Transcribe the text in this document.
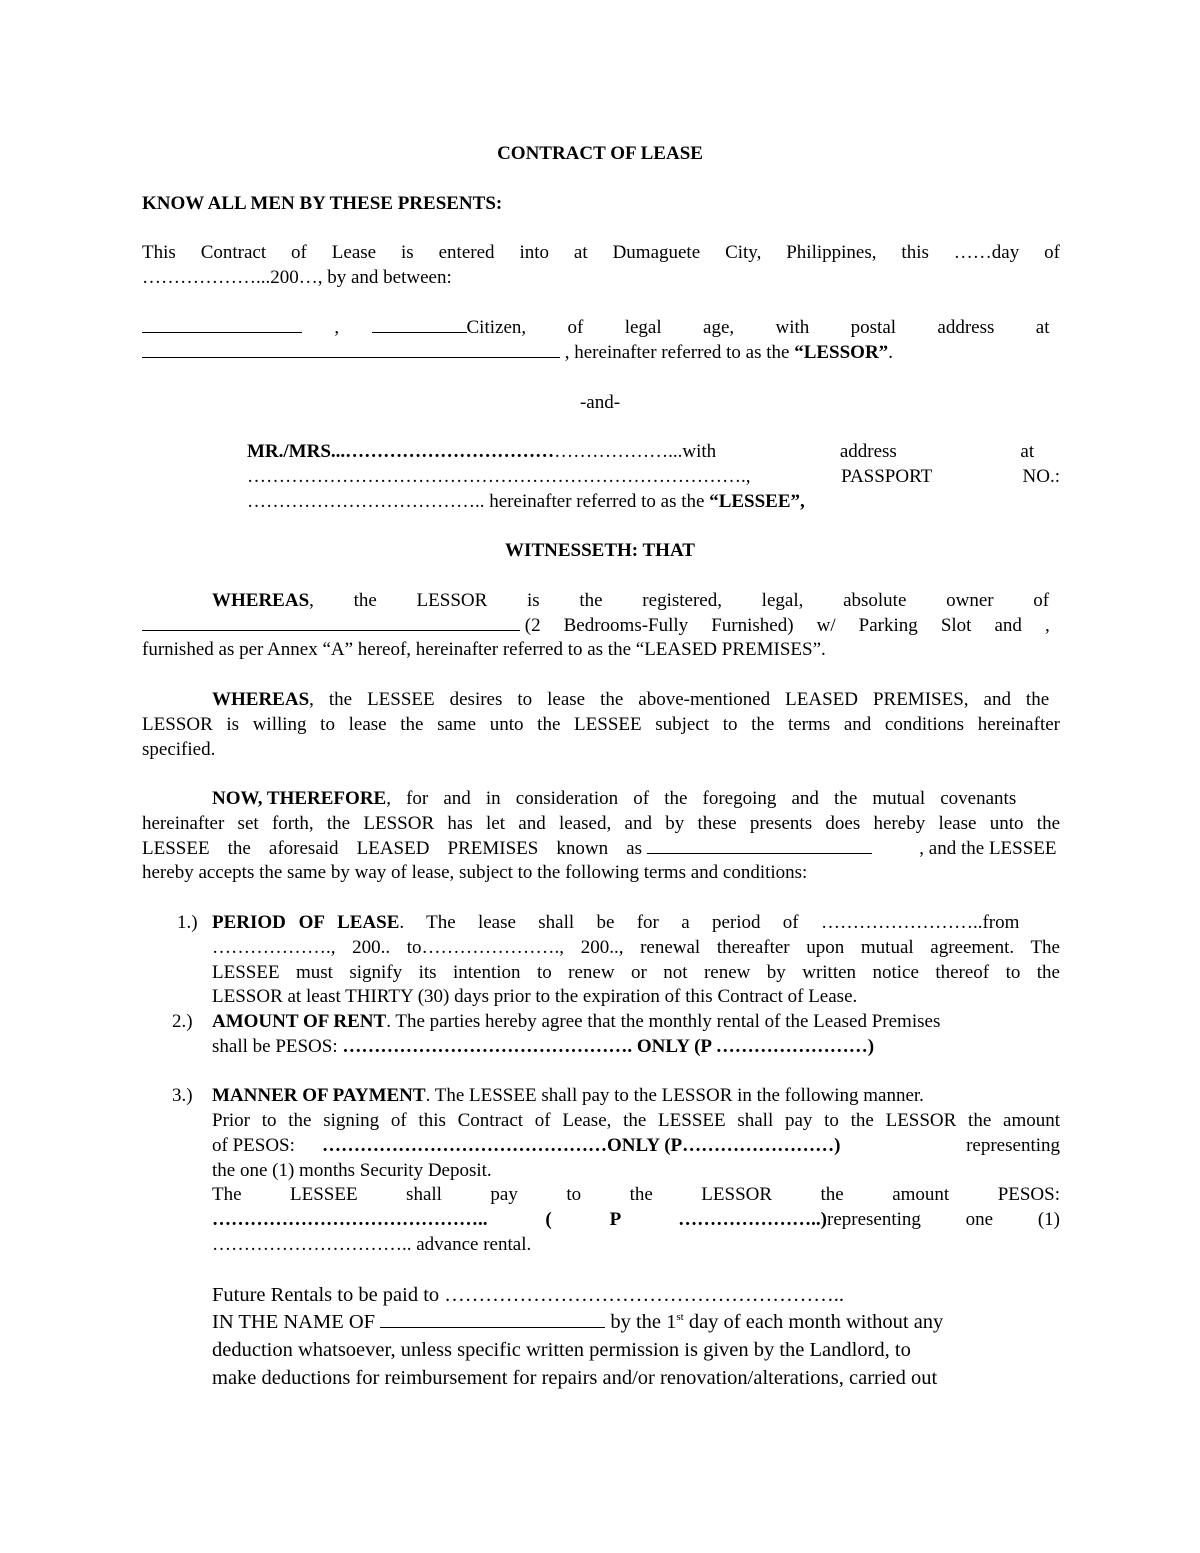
CONTRACT OF LEASE
KNOW ALL MEN BY THESE PRESENTS:
This Contract of Lease is entered into at Dumaguete City, Philippines, this ……day of
………………...200…, by and between:
,	Citizen, of legal age, with postal address at
, hereinafter referred to as the “LESSOR”.
-and-
MR./MRS...……………………………………………...with address at
……………………………………………………………………., PASSPORT NO.:
……………………………….. hereinafter referred to as the “LESSEE”,
WITNESSETH: THAT
WHEREAS, the LESSOR is the registered, legal, absolute owner of
(2 Bedrooms-Fully Furnished) w/ Parking Slot and ,
furnished as per Annex “A” hereof, hereinafter referred to as the “LEASED PREMISES”.
WHEREAS, the LESSEE desires to lease the above-mentioned LEASED PREMISES, and the
LESSOR is willing to lease the same unto the LESSEE subject to the terms and conditions hereinafter
specified.
NOW, THEREFORE, for and in consideration of the foregoing and the mutual covenants
hereinafter set forth, the LESSOR has let and leased, and by these presents does hereby lease unto the
LESSEE the aforesaid LEASED PREMISES known as	, and the LESSEE
hereby accepts the same by way of lease, subject to the following terms and conditions:
1.) PERIOD OF LEASE. The lease shall be for a period of ……………………..from
………………., 200.. to…………………., 200.., renewal thereafter upon mutual agreement. The
LESSEE must signify its intention to renew or not renew by written notice thereof to the
LESSOR at least THIRTY (30) days prior to the expiration of this Contract of Lease.
2.) AMOUNT OF RENT. The parties hereby agree that the monthly rental of the Leased Premises
shall be PESOS: ………………………………………. ONLY (P ……………………)
3.) MANNER OF PAYMENT. The LESSEE shall pay to the LESSOR in the following manner.
Prior to the signing of this Contract of Lease, the LESSEE shall pay to the LESSOR the amount
of PESOS: ………………………………………ONLY (P……………………)	representing
the one (1) months Security Deposit.
The LESSEE shall pay to the LESSOR the amount PESOS:
…………………………………….. ( P …………………..)representing one (1)
………………………….. advance rental.
Future Rentals to be paid to …………………………………………………..
IN THE NAME OF	by the 1st day of each month without any
deduction whatsoever, unless specific written permission is given by the Landlord, to
make deductions for reimbursement for repairs and/or renovation/alterations, carried out
